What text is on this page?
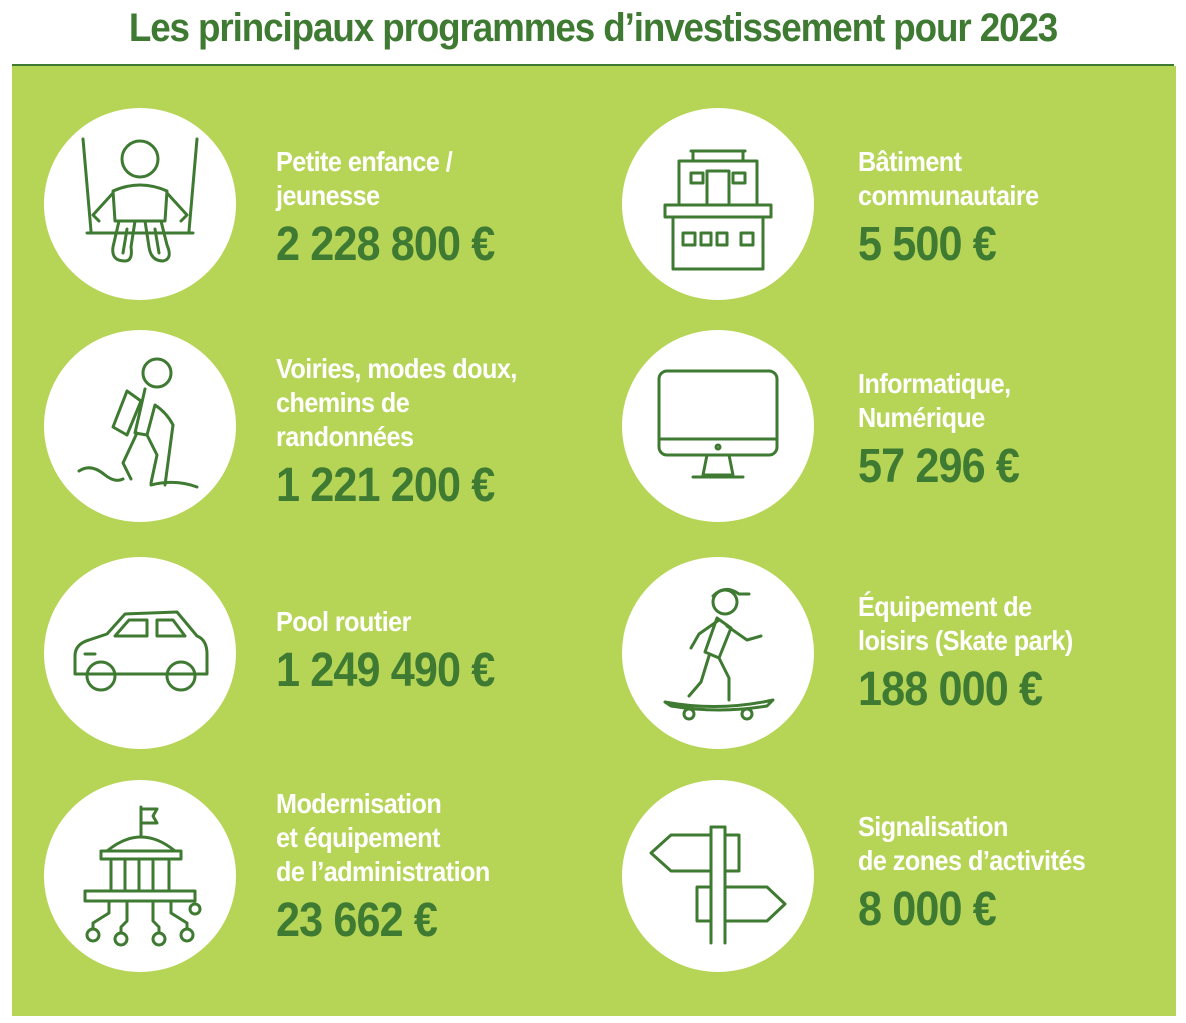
Les principaux programmes d’investissement pour 2023
Petite enfance /
jeunesse
2 228 800 €
Bâtiment
communautaire
5 500 €
Voiries, modes doux,
chemins de
randonnées
1 221 200 €
Informatique,
Numérique
57 296 €
Pool routier
1 249 490 €
Équipement de
loisirs (Skate park)
188 000 €
Modernisation
et équipement
de l’administration
23 662 €
Signalisation
de zones d’activités
8 000 €
